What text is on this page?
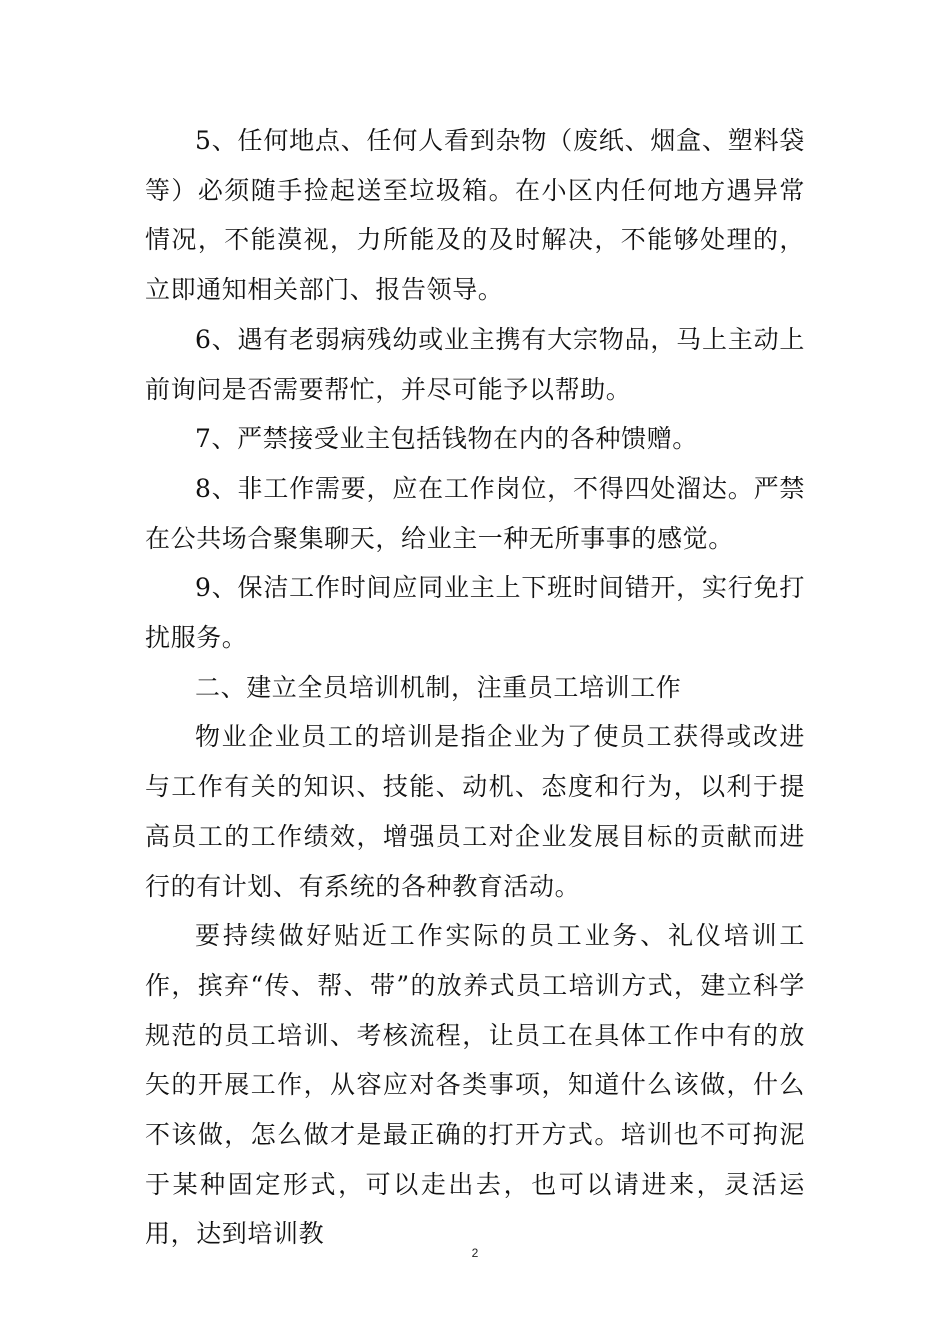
5、任何地点、任何人看到杂物（废纸、烟盒、塑料袋等）必须随手捡起送至垃圾箱。在小区内任何地方遇异常情况，不能漠视，力所能及的及时解决，不能够处理的，立即通知相关部门、报告领导。

6、遇有老弱病残幼或业主携有大宗物品，马上主动上前询问是否需要帮忙，并尽可能予以帮助。

7、严禁接受业主包括钱物在内的各种馈赠。

8、非工作需要，应在工作岗位，不得四处溜达。严禁在公共场合聚集聊天，给业主一种无所事事的感觉。

9、保洁工作时间应同业主上下班时间错开，实行免打扰服务。

二、建立全员培训机制，注重员工培训工作

物业企业员工的培训是指企业为了使员工获得或改进与工作有关的知识、技能、动机、态度和行为，以利于提高员工的工作绩效，增强员工对企业发展目标的贡献而进行的有计划、有系统的各种教育活动。

要持续做好贴近工作实际的员工业务、礼仪培训工作，摈弃“传、帮、带”的放养式员工培训方式，建立科学规范的员工培训、考核流程，让员工在具体工作中有的放矢的开展工作，从容应对各类事项，知道什么该做，什么不该做，怎么做才是最正确的打开方式。培训也不可拘泥于某种固定形式，可以走出去，也可以请进来，灵活运用，达到培训教

2
